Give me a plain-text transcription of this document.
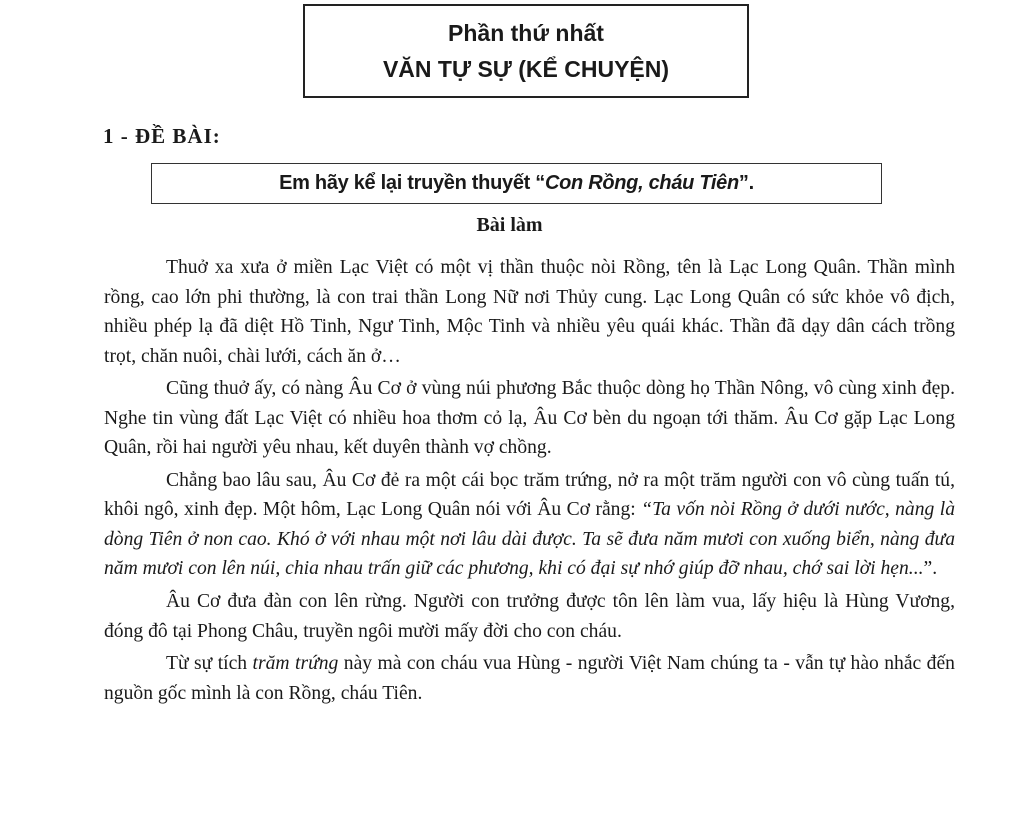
Phần thứ nhất
VĂN TỰ SỰ (KỂ CHUYỆN)
1 - ĐỀ BÀI:
Em hãy kể lại truyền thuyết “Con Rồng, cháu Tiên”.
Bài làm

Thuở xa xưa ở miền Lạc Việt có một vị thần thuộc nòi Rồng, tên là Lạc Long Quân. Thần mình rồng, cao lớn phi thường, là con trai thần Long Nữ nơi Thủy cung. Lạc Long Quân có sức khỏe vô địch, nhiều phép lạ đã diệt Hồ Tinh, Ngư Tinh, Mộc Tinh và nhiều yêu quái khác. Thần đã dạy dân cách trồng trọt, chăn nuôi, chài lưới, cách ăn ở…

Cũng thuở ấy, có nàng Âu Cơ ở vùng núi phương Bắc thuộc dòng họ Thần Nông, vô cùng xinh đẹp. Nghe tin vùng đất Lạc Việt có nhiều hoa thơm cỏ lạ, Âu Cơ bèn du ngoạn tới thăm. Âu Cơ gặp Lạc Long Quân, rồi hai người yêu nhau, kết duyên thành vợ chồng.

Chẳng bao lâu sau, Âu Cơ đẻ ra một cái bọc trăm trứng, nở ra một trăm người con vô cùng tuấn tú, khôi ngô, xinh đẹp. Một hôm, Lạc Long Quân nói với Âu Cơ rằng: “Ta vốn nòi Rồng ở dưới nước, nàng là dòng Tiên ở non cao. Khó ở với nhau một nơi lâu dài được. Ta sẽ đưa năm mươi con xuống biển, nàng đưa năm mươi con lên núi, chia nhau trấn giữ các phương, khi có đại sự nhớ giúp đỡ nhau, chớ sai lời hẹn...”.

Âu Cơ đưa đàn con lên rừng. Người con trưởng được tôn lên làm vua, lấy hiệu là Hùng Vương, đóng đô tại Phong Châu, truyền ngôi mười mấy đời cho con cháu.

Từ sự tích trăm trứng này mà con cháu vua Hùng - người Việt Nam chúng ta - vẫn tự hào nhắc đến nguồn gốc mình là con Rồng, cháu Tiên.
